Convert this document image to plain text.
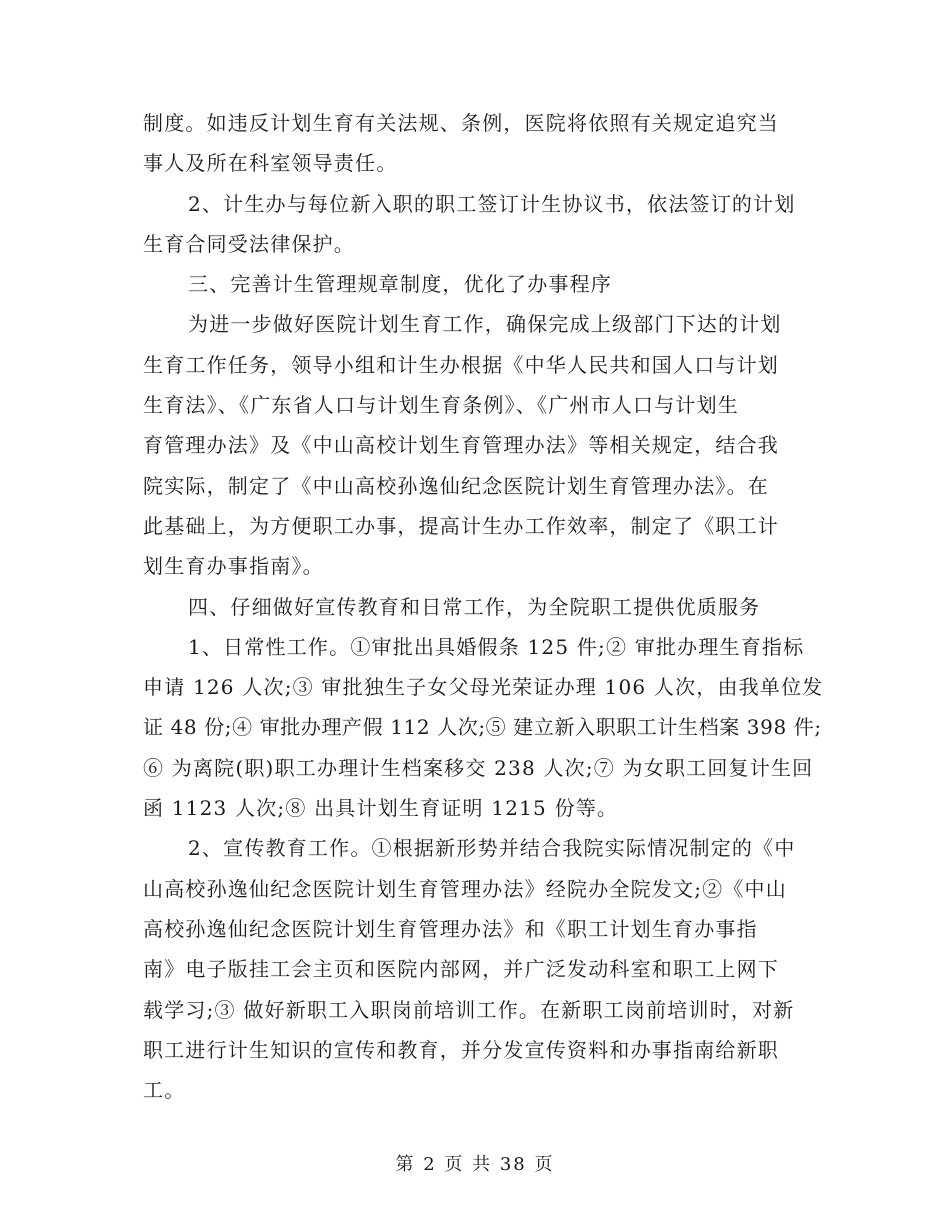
制度。如违反计划生育有关法规、条例，医院将依照有关规定追究当
事人及所在科室领导责任。
2、计生办与每位新入职的职工签订计生协议书，依法签订的计划
生育合同受法律保护。
三、完善计生管理规章制度，优化了办事程序
为进一步做好医院计划生育工作，确保完成上级部门下达的计划
生育工作任务，领导小组和计生办根据《中华人民共和国人口与计划
生育法》、《广东省人口与计划生育条例》、《广州市人口与计划生
育管理办法》及《中山高校计划生育管理办法》等相关规定，结合我
院实际，制定了《中山高校孙逸仙纪念医院计划生育管理办法》。在
此基础上，为方便职工办事，提高计生办工作效率，制定了《职工计
划生育办事指南》。
四、仔细做好宣传教育和日常工作，为全院职工提供优质服务
1、日常性工作。①审批出具婚假条 125 件;② 审批办理生育指标
申请 126 人次;③ 审批独生子女父母光荣证办理 106 人次，由我单位发
证 48 份;④ 审批办理产假 112 人次;⑤ 建立新入职职工计生档案 398 件;
⑥ 为离院(职)职工办理计生档案移交 238 人次;⑦ 为女职工回复计生回
函 1123 人次;⑧ 出具计划生育证明 1215 份等。
2、宣传教育工作。①根据新形势并结合我院实际情况制定的《中
山高校孙逸仙纪念医院计划生育管理办法》经院办全院发文;②《中山
高校孙逸仙纪念医院计划生育管理办法》和《职工计划生育办事指
南》电子版挂工会主页和医院内部网，并广泛发动科室和职工上网下
载学习;③ 做好新职工入职岗前培训工作。在新职工岗前培训时，对新
职工进行计生知识的宣传和教育，并分发宣传资料和办事指南给新职
工。
第 2 页 共 38 页
